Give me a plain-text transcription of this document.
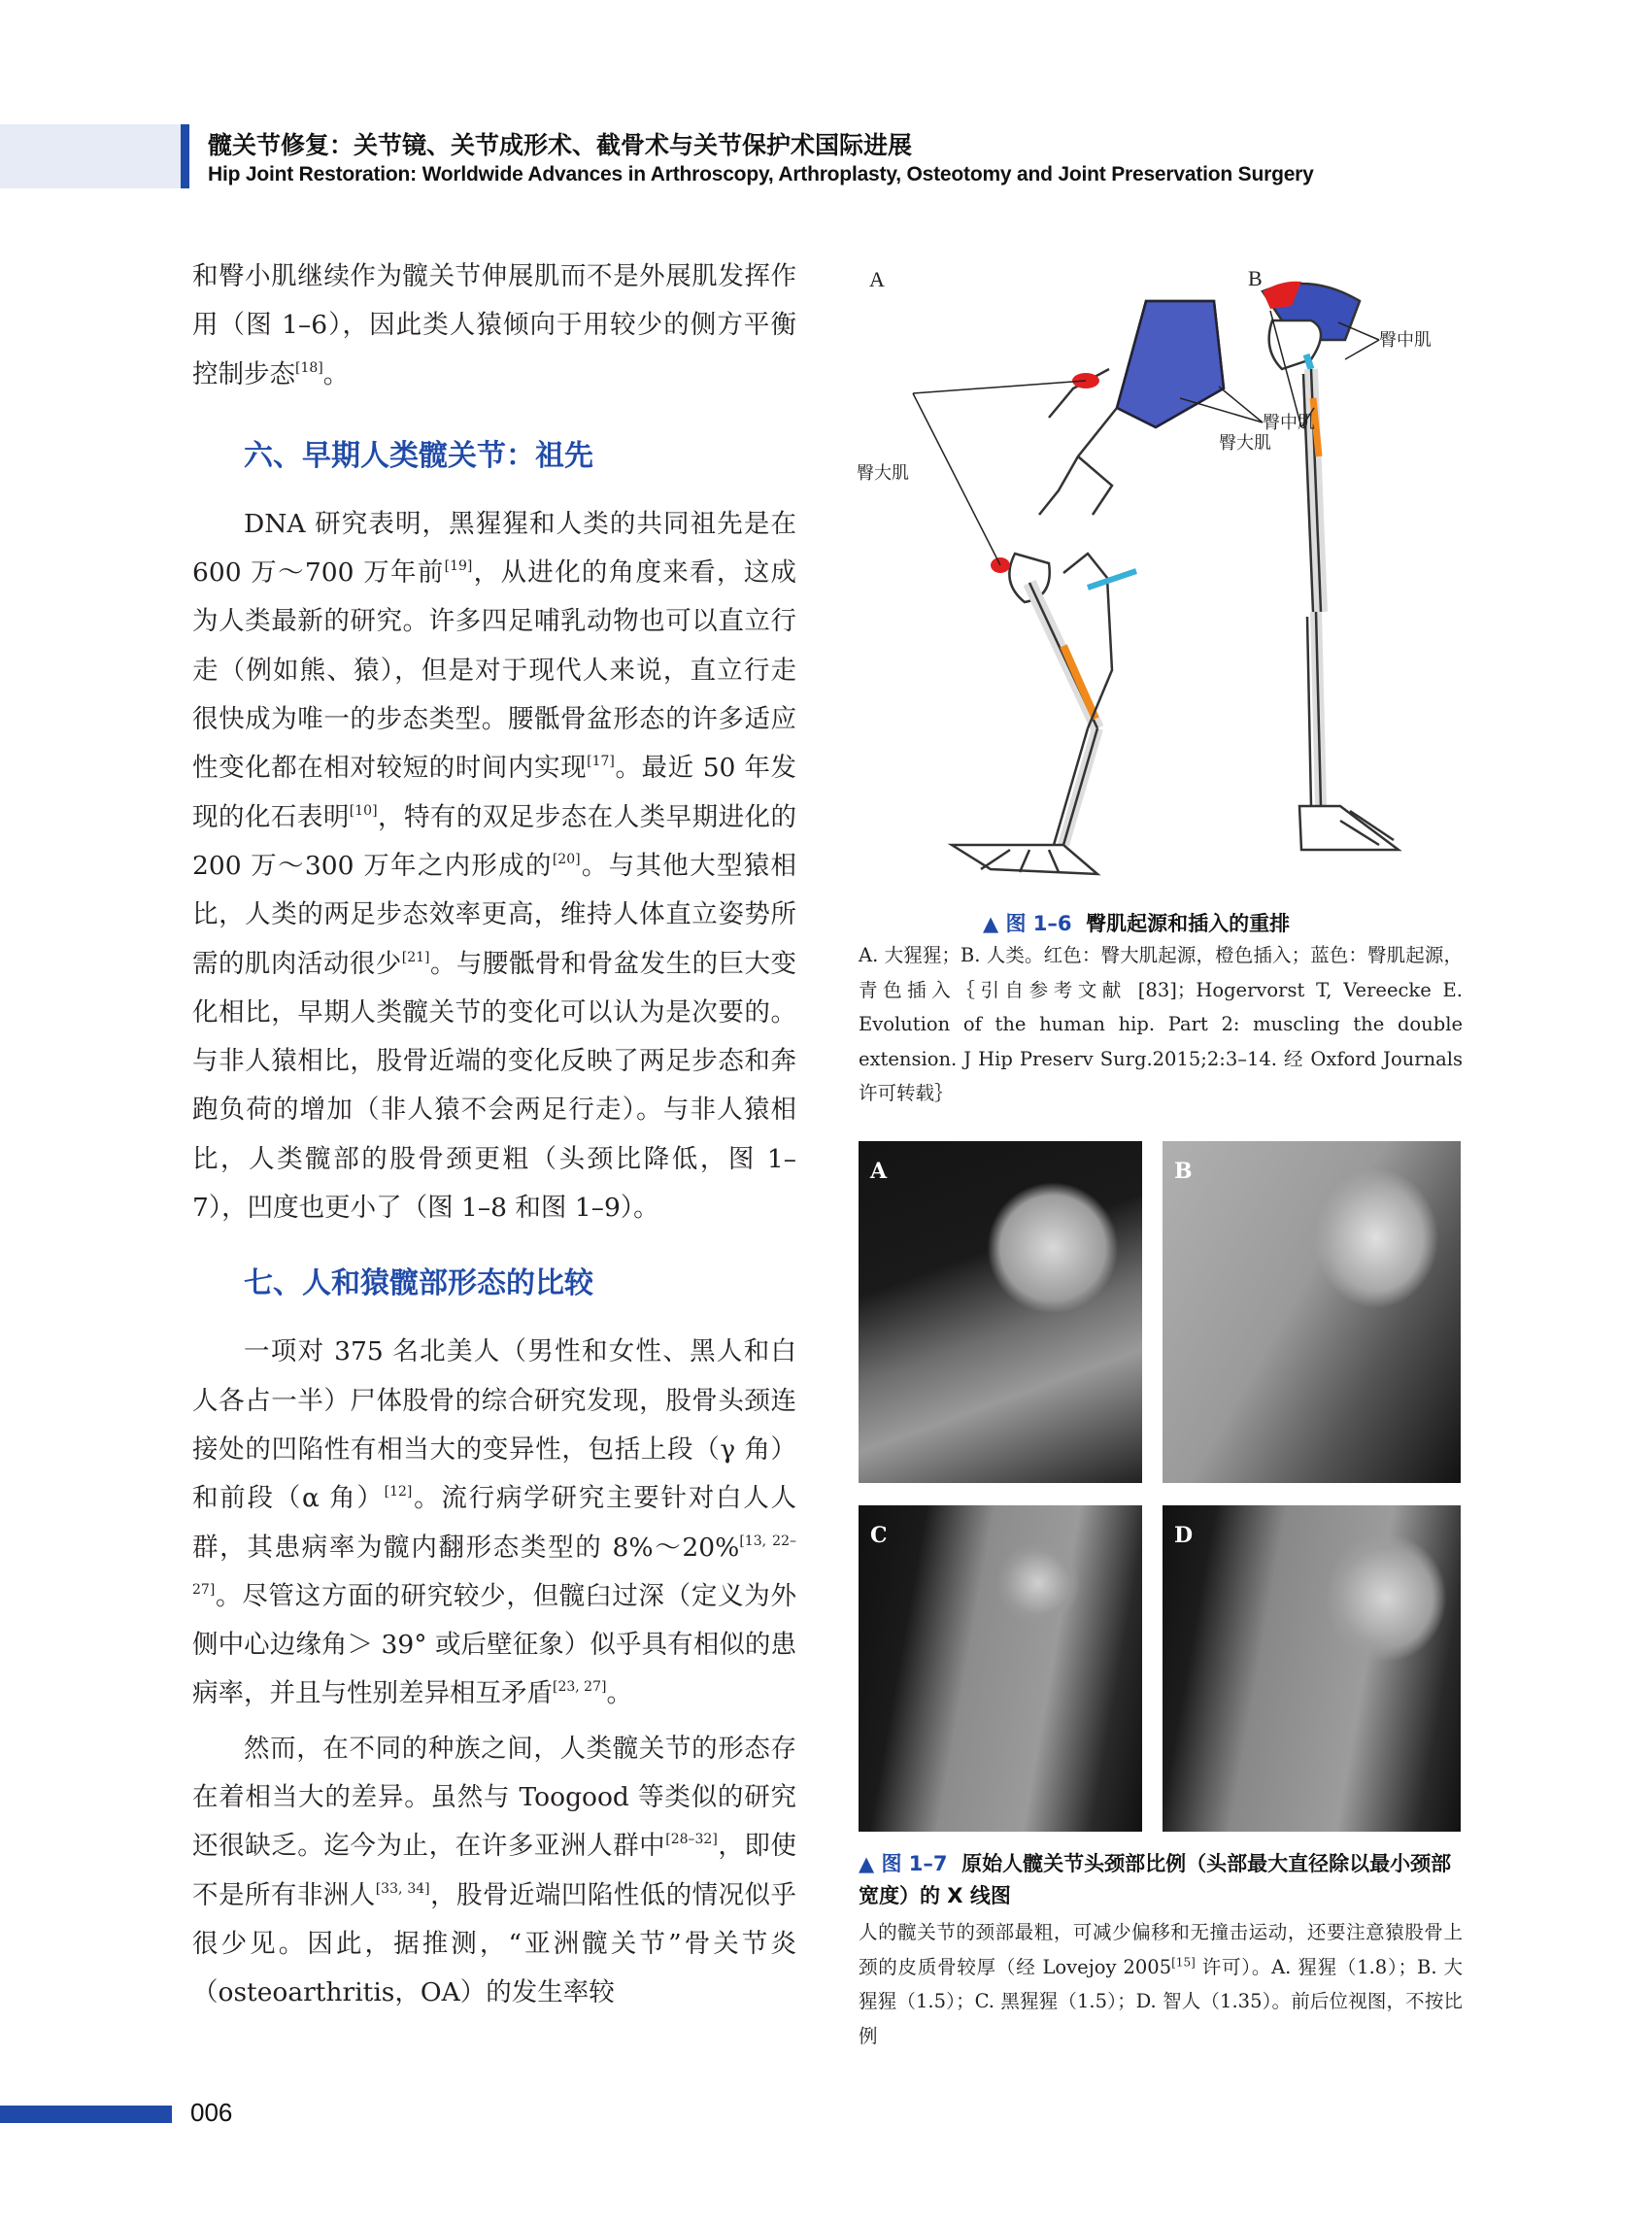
髋关节修复：关节镜、关节成形术、截骨术与关节保护术国际进展
Hip Joint Restoration: Worldwide Advances in Arthroscopy, Arthroplasty, Osteotomy and Joint Preservation Surgery

和臀小肌继续作为髋关节伸展肌而不是外展肌发挥作用（图 1–6），因此类人猿倾向于用较少的侧方平衡控制步态[18]。

六、早期人类髋关节：祖先

DNA 研究表明，黑猩猩和人类的共同祖先是在 600 万～700 万年前[19]，从进化的角度来看，这成为人类最新的研究。许多四足哺乳动物也可以直立行走（例如熊、猿），但是对于现代人来说，直立行走很快成为唯一的步态类型。腰骶骨盆形态的许多适应性变化都在相对较短的时间内实现[17]。最近 50 年发现的化石表明[10]，特有的双足步态在人类早期进化的 200 万～300 万年之内形成的[20]。与其他大型猿相比，人类的两足步态效率更高，维持人体直立姿势所需的肌肉活动很少[21]。与腰骶骨和骨盆发生的巨大变化相比，早期人类髋关节的变化可以认为是次要的。与非人猿相比，股骨近端的变化反映了两足步态和奔跑负荷的增加（非人猿不会两足行走）。与非人猿相比，人类髋部的股骨颈更粗（头颈比降低，图 1–7），凹度也更小了（图 1–8 和图 1–9）。

七、人和猿髋部形态的比较

一项对 375 名北美人（男性和女性、黑人和白人各占一半）尸体股骨的综合研究发现，股骨头颈连接处的凹陷性有相当大的变异性，包括上段（γ 角）和前段（α 角）[12]。流行病学研究主要针对白人人群，其患病率为髋内翻形态类型的 8%～20%[13, 22–27]。尽管这方面的研究较少，但髋臼过深（定义为外侧中心边缘角＞ 39° 或后壁征象）似乎具有相似的患病率，并且与性别差异相互矛盾[23, 27]。

然而，在不同的种族之间，人类髋关节的形态存在着相当大的差异。虽然与 Toogood 等类似的研究还很缺乏。迄今为止，在许多亚洲人群中[28–32]，即使不是所有非洲人[33, 34]，股骨近端凹陷性低的情况似乎很少见。因此，据推测，“亚洲髋关节”骨关节炎（osteoarthritis，OA）的发生率较

A	B
臀中肌
臀大肌
臀中肌
臀大肌
▲ 图 1–6 臀肌起源和插入的重排
A. 大猩猩；B. 人类。红色：臀大肌起源，橙色插入；蓝色：臀肌起源，青色插入｛引自参考文献 [83]；Hogervorst T, Vereecke E. Evolution of the human hip. Part 2: muscling the double extension. J Hip Preserv Surg.2015;2:3–14. 经 Oxford Journals 许可转载｝
A	B
C	D
▲ 图 1–7 原始人髋关节头颈部比例（头部最大直径除以最小颈部宽度）的 X 线图
人的髋关节的颈部最粗，可减少偏移和无撞击运动，还要注意猿股骨上颈的皮质骨较厚（经 Lovejoy 2005[15] 许可）。A. 猩猩（1.8）；B. 大猩猩（1.5）；C. 黑猩猩（1.5）；D. 智人（1.35）。前后位视图，不按比例
006
